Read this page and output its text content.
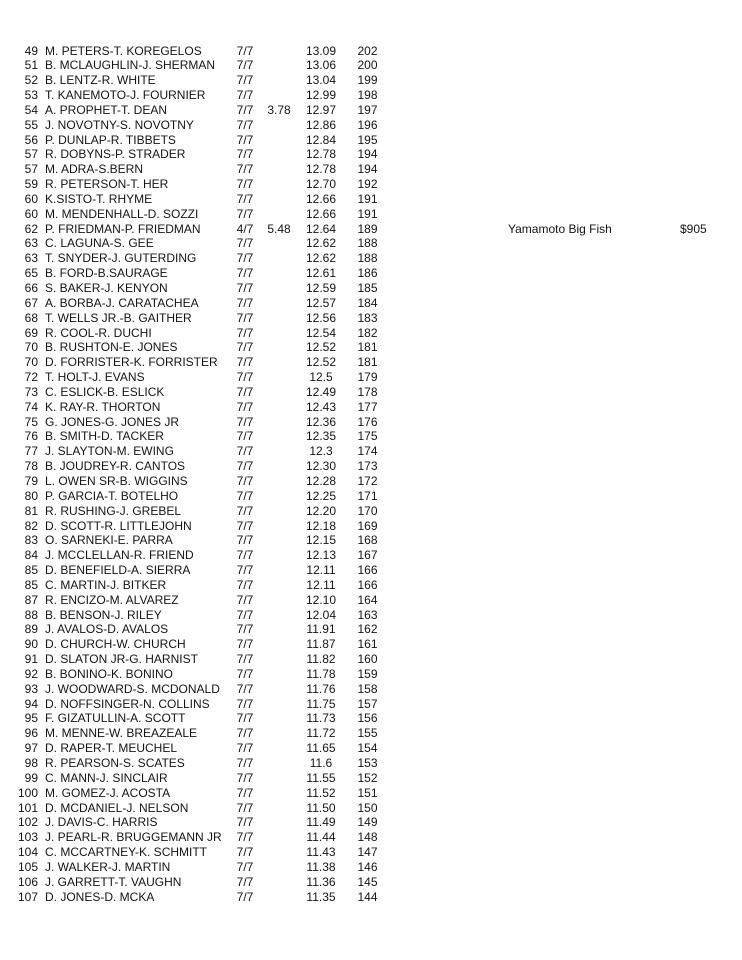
49 M. PETERS-T. KOREGELOS	7/7	13.09	202
51 B. MCLAUGHLIN-J. SHERMAN	7/7	13.06	200
52 B. LENTZ-R. WHITE	7/7	13.04	199
53 T. KANEMOTO-J. FOURNIER	7/7	12.99	198
54 A. PROPHET-T. DEAN	7/7	3.78	12.97	197
55 J. NOVOTNY-S. NOVOTNY	7/7	12.86	196
56 P. DUNLAP-R. TIBBETS	7/7	12.84	195
57 R. DOBYNS-P. STRADER	7/7	12.78	194
57 M. ADRA-S.BERN	7/7	12.78	194
59 R. PETERSON-T. HER	7/7	12.70	192
60 K.SISTO-T. RHYME	7/7	12.66	191
60 M. MENDENHALL-D. SOZZI	7/7	12.66	191
62 P. FRIEDMAN-P. FRIEDMAN	4/7	5.48	12.64	189
63 C. LAGUNA-S. GEE	7/7	12.62	188
63 T. SNYDER-J. GUTERDING	7/7	12.62	188
65 B. FORD-B.SAURAGE	7/7	12.61	186
66 S. BAKER-J. KENYON	7/7	12.59	185
67 A. BORBA-J. CARATACHEA	7/7	12.57	184
68 T. WELLS JR.-B. GAITHER	7/7	12.56	183
69 R. COOL-R. DUCHI	7/7	12.54	182
70 B. RUSHTON-E. JONES	7/7	12.52	181
70 D. FORRISTER-K. FORRISTER	7/7	12.52	181
72 T. HOLT-J. EVANS	7/7	12.5	179
73 C. ESLICK-B. ESLICK	7/7	12.49	178
74 K. RAY-R. THORTON	7/7	12.43	177
75 G. JONES-G. JONES JR	7/7	12.36	176
76 B. SMITH-D. TACKER	7/7	12.35	175
77 J. SLAYTON-M. EWING	7/7	12.3	174
78 B. JOUDREY-R. CANTOS	7/7	12.30	173
79 L. OWEN SR-B. WIGGINS	7/7	12.28	172
80 P. GARCIA-T. BOTELHO	7/7	12.25	171
81 R. RUSHING-J. GREBEL	7/7	12.20	170
82 D. SCOTT-R. LITTLEJOHN	7/7	12.18	169
83 O. SARNEKI-E. PARRA	7/7	12.15	168
84 J. MCCLELLAN-R. FRIEND	7/7	12.13	167
85 D. BENEFIELD-A. SIERRA	7/7	12.11	166
85 C. MARTIN-J. BITKER	7/7	12.11	166
87 R. ENCIZO-M. ALVAREZ	7/7	12.10	164
88 B. BENSON-J. RILEY	7/7	12.04	163
89 J. AVALOS-D. AVALOS	7/7	11.91	162
90 D. CHURCH-W. CHURCH	7/7	11.87	161
91 D. SLATON JR-G. HARNIST	7/7	11.82	160
92 B. BONINO-K. BONINO	7/7	11.78	159
93 J. WOODWARD-S. MCDONALD	7/7	11.76	158
94 D. NOFFSINGER-N. COLLINS	7/7	11.75	157
95 F. GIZATULLIN-A. SCOTT	7/7	11.73	156
96 M. MENNE-W. BREAZEALE	7/7	11.72	155
97 D. RAPER-T. MEUCHEL	7/7	11.65	154
98 R. PEARSON-S. SCATES	7/7	11.6	153
99 C. MANN-J. SINCLAIR	7/7	11.55	152
100 M. GOMEZ-J. ACOSTA	7/7	11.52	151
101 D. MCDANIEL-J. NELSON	7/7	11.50	150
102 J. DAVIS-C. HARRIS	7/7	11.49	149
103 J. PEARL-R. BRUGGEMANN JR	7/7	11.44	148
104 C. MCCARTNEY-K. SCHMITT	7/7	11.43	147
105 J. WALKER-J. MARTIN	7/7	11.38	146
106 J. GARRETT-T. VAUGHN	7/7	11.36	145
107 D. JONES-D. MCKA	7/7	11.35	144
Yamamoto Big Fish	$905
